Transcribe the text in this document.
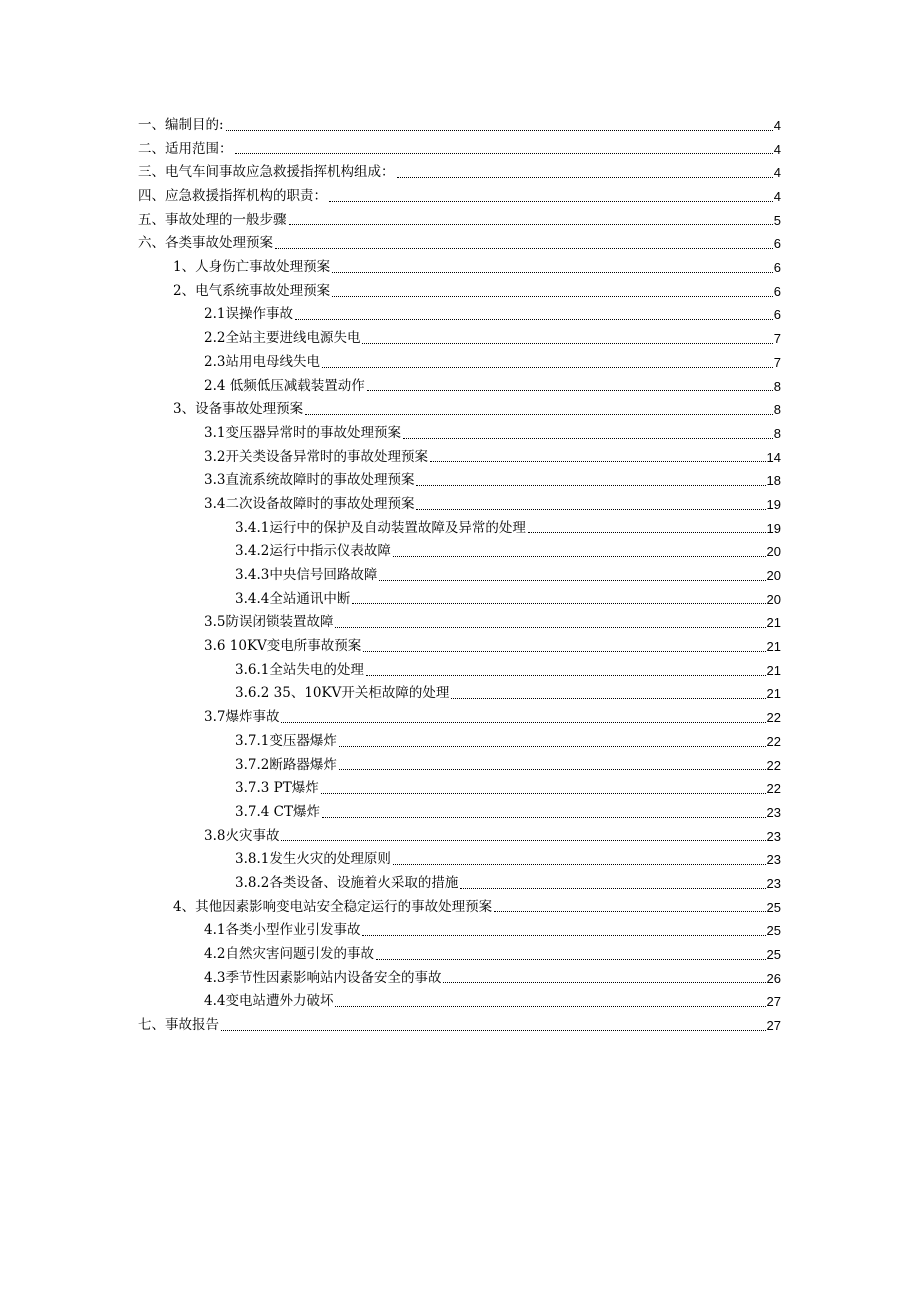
一、编制目的:	4
二、适用范围：	4
三、电气车间事故应急救援指挥机构组成：	4
四、应急救援指挥机构的职责：	4
五、事故处理的一般步骤	5
六、各类事故处理预案	6
1、人身伤亡事故处理预案	6
2、电气系统事故处理预案	6
2.1误操作事故	6
2.2全站主要进线电源失电	7
2.3站用电母线失电	7
2.4 低频低压减载装置动作	8
3、设备事故处理预案	8
3.1变压器异常时的事故处理预案	8
3.2开关类设备异常时的事故处理预案	14
3.3直流系统故障时的事故处理预案	18
3.4二次设备故障时的事故处理预案	19
3.4.1运行中的保护及自动装置故障及异常的处理	19
3.4.2运行中指示仪表故障	20
3.4.3中央信号回路故障	20
3.4.4全站通讯中断	20
3.5防误闭锁装置故障	21
3.6 10KV变电所事故预案	21
3.6.1全站失电的处理	21
3.6.2 35、10KV开关柜故障的处理	21
3.7爆炸事故	22
3.7.1变压器爆炸	22
3.7.2断路器爆炸	22
3.7.3 PT爆炸	22
3.7.4 CT爆炸	23
3.8火灾事故	23
3.8.1发生火灾的处理原则	23
3.8.2各类设备、设施着火采取的措施	23
4、其他因素影响变电站安全稳定运行的事故处理预案	25
4.1各类小型作业引发事故	25
4.2自然灾害问题引发的事故	25
4.3季节性因素影响站内设备安全的事故	26
4.4变电站遭外力破坏	27
七、事故报告	27
